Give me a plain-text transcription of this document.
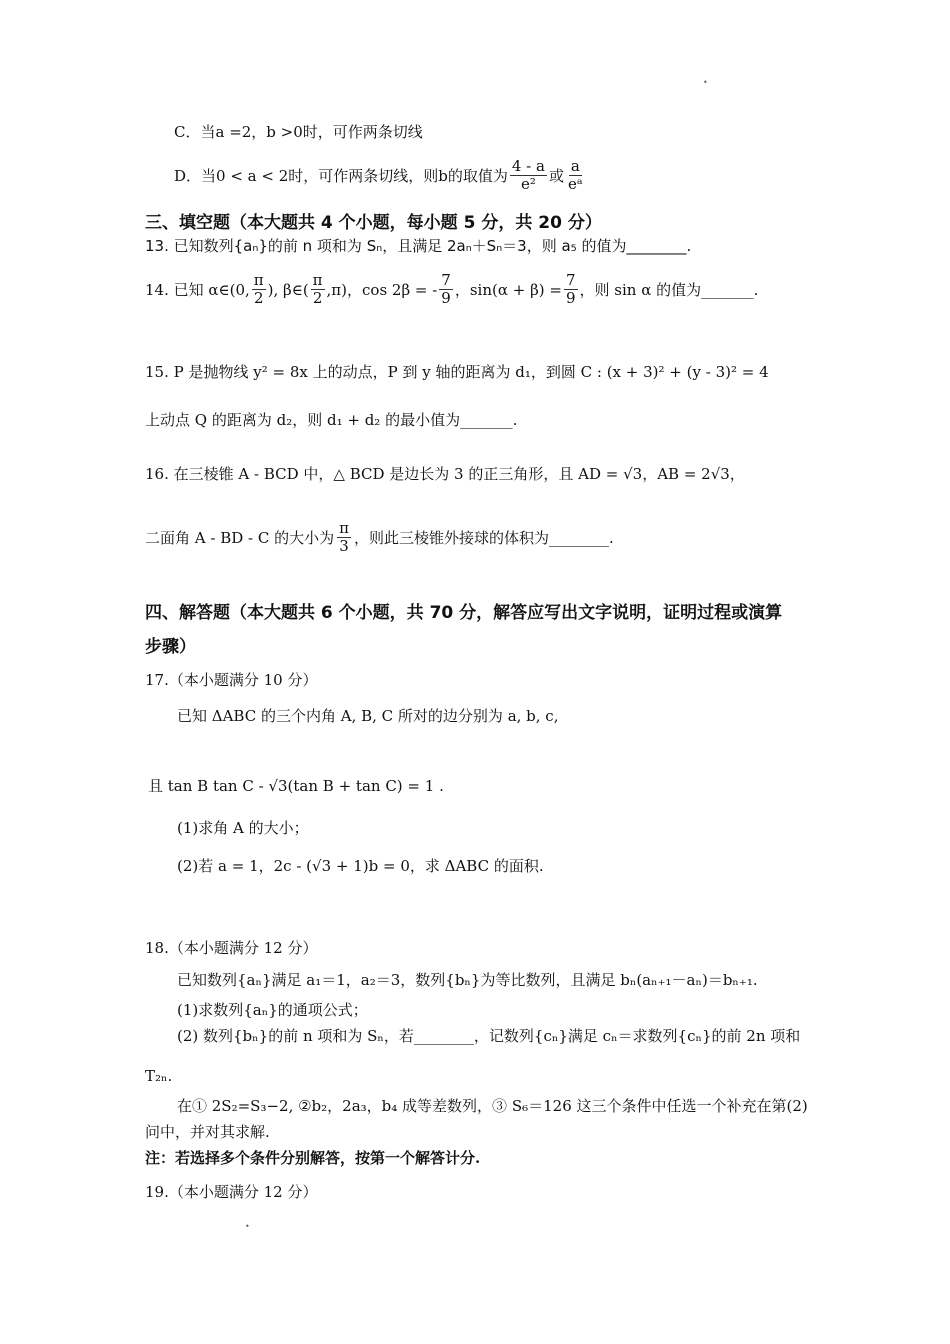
•
C．当a =2，b >0时，可作两条切线
D．当0 < a < 2时，可作两条切线，则b的取值为 $\frac{4 - a}{\text{e²}}$ 或 $\frac{a}{\text{eᵃ}}$
三、填空题（本大题共 4 个小题，每小题 5 分，共 20 分）
13. 已知数列{aₙ}的前 n 项和为 Sₙ，且满足 2aₙ＋Sₙ＝3，则 a₅ 的值为________.
14. 已知 α∈(0, $\frac{\pi}{2}$ ), β∈( $\frac{\pi}{2} ,\pi$)，cos 2β = - $\frac{7}{9}$ ，$\sin(\alpha + \beta) = \frac{7}{9}$ ，则 sin α 的值为_______.
15. P 是抛物线 y² = 8x 上的动点，P 到 y 轴的距离为 d₁，到圆 C : (x + 3)² + (y - 3)² = 4
上动点 Q 的距离为 d₂，则 d₁ + d₂ 的最小值为_______.
16. 在三棱锥 A - BCD 中，△ BCD 是边长为 3 的正三角形，且 AD = √3，AB = 2√3，
二面角 A - BD - C 的大小为 $\frac{\pi}{3}$ ，则此三棱锥外接球的体积为________.
四、解答题（本大题共 6 个小题，共 70 分，解答应写出文字说明，证明过程或演算
步骤）
17.（本小题满分 10 分）
已知 ΔABC 的三个内角 A, B, C 所对的边分别为 a, b, c,
且 tan B tan C - √3(tan B + tan C) = 1 .
(1)求角 A 的大小；
(2)若 a = 1，2c - (√3 + 1)b = 0，求 ΔABC 的面积.
18.（本小题满分 12 分）
已知数列{aₙ}满足 a₁＝1，a₂＝3，数列{bₙ}为等比数列，且满足 bₙ(aₙ₊₁－aₙ)＝bₙ₊₁.
(1)求数列{aₙ}的通项公式；
(2) 数列{bₙ}的前 n 项和为 Sₙ，若________，记数列{cₙ}满足 cₙ＝求数列{cₙ}的前 2n 项和
T₂ₙ.
在① 2S₂=S₃−2, ②b₂，2a₃，b₄ 成等差数列，③ S₆＝126 这三个条件中任选一个补充在第(2)
问中，并对其求解.
注：若选择多个条件分别解答，按第一个解答计分.
19.（本小题满分 12 分）
•
